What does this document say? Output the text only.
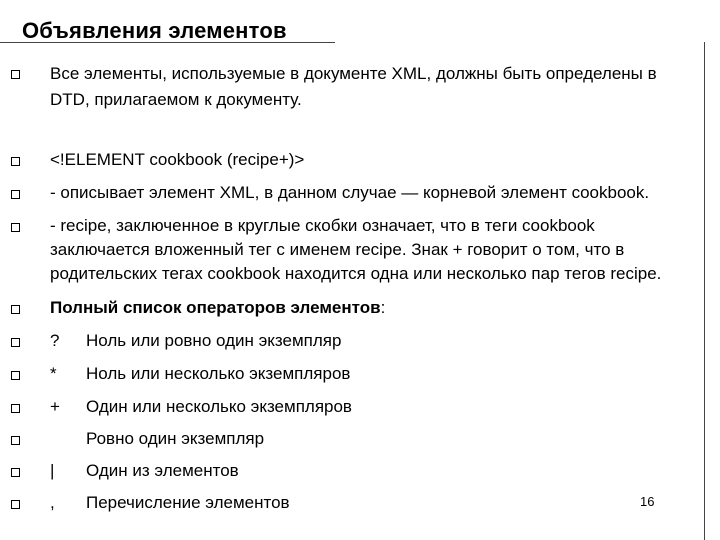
Объявления элементов
Все элементы, используемые в документе XML, должны быть определены в
DTD, прилагаемом к документу.
<!ELEMENT cookbook (recipe+)>
- описывает элемент XML, в данном случае — корневой элемент cookbook.
- recipe, заключенное в круглые скобки означает, что в теги cookbook
заключается вложенный тег с именем recipe. Знак + говорит о том, что в
родительских тегах cookbook находится одна или несколько пар тегов recipe.
Полный список операторов элементов:
? Ноль или ровно один экземпляр
* Ноль или несколько экземпляров
+ Один или несколько экземпляров
Ровно один экземпляр
| Один из элементов
, Перечисление элементов	16
